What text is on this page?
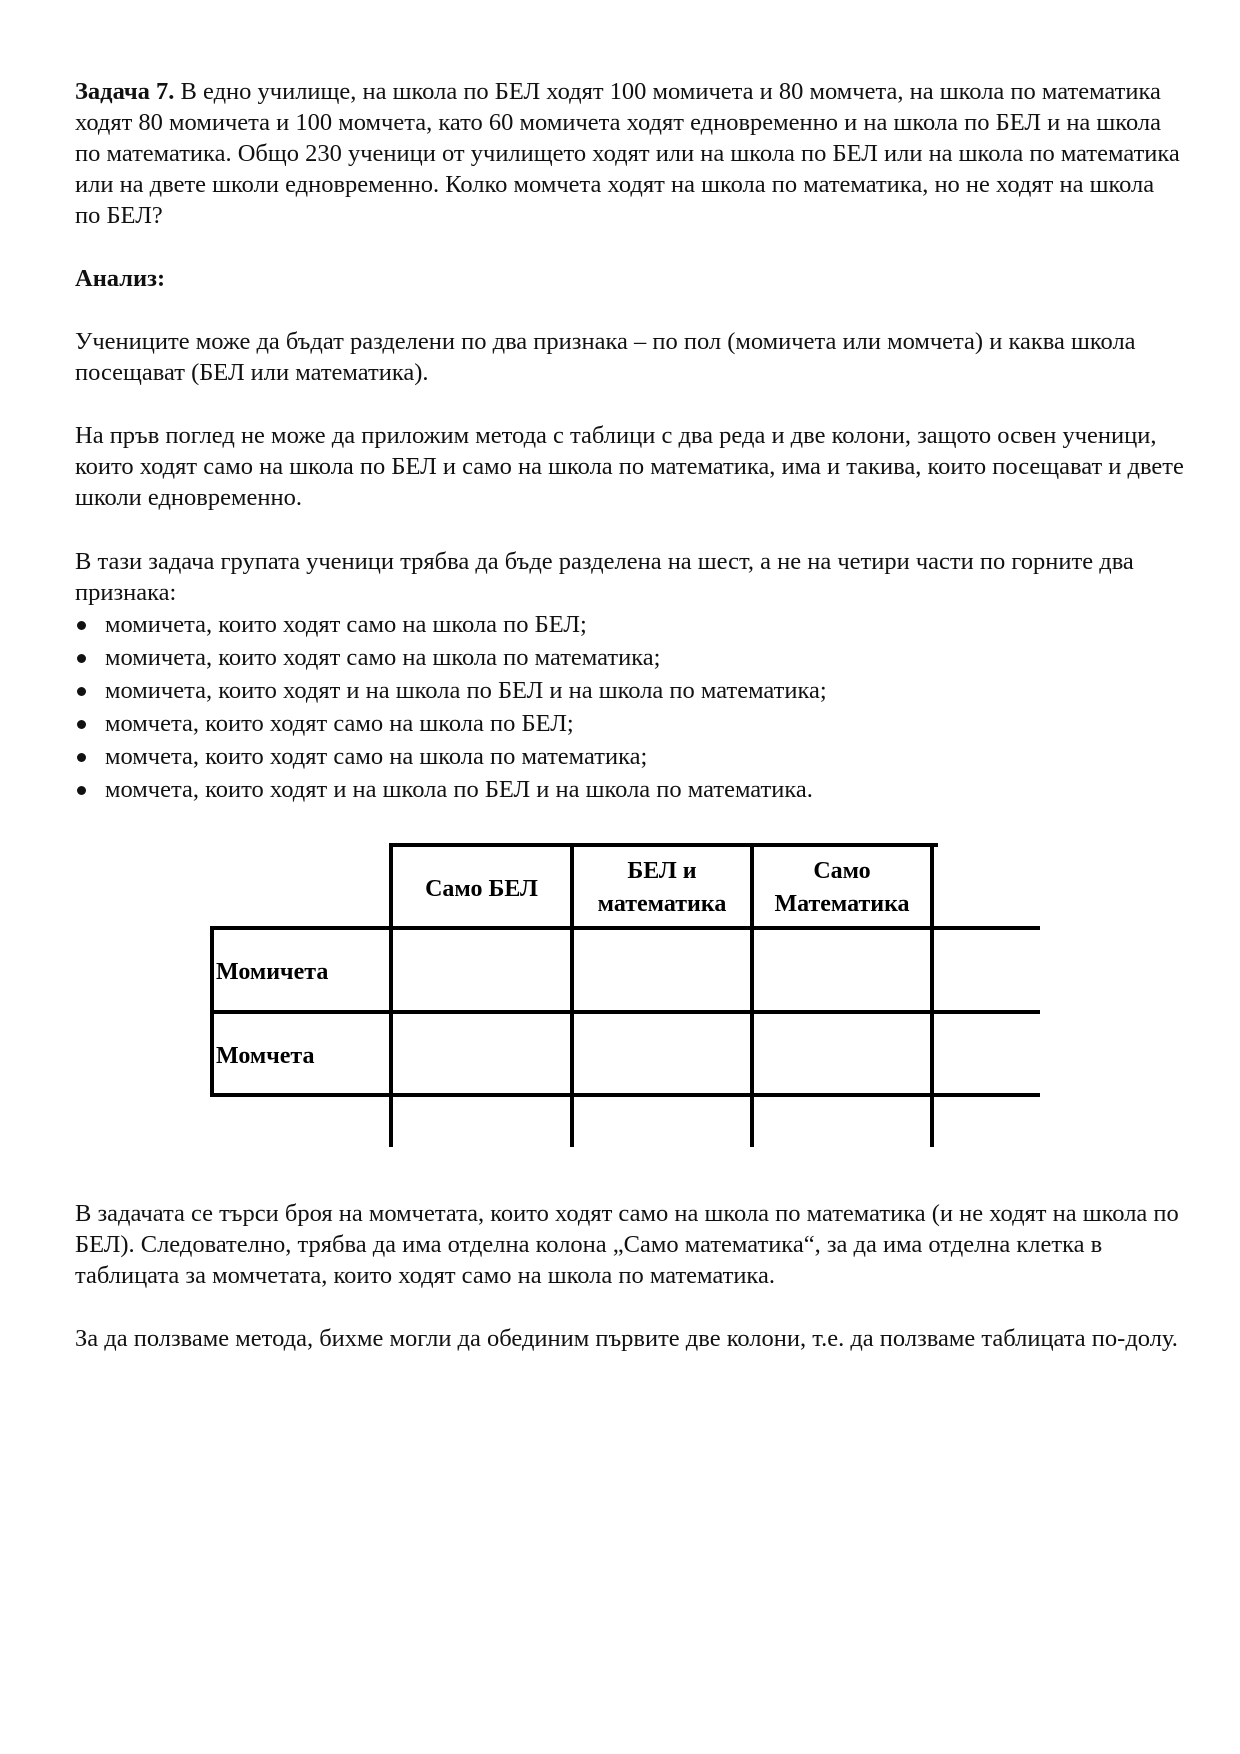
Задача 7. В едно училище, на школа по БЕЛ ходят 100 момичета и 80 момчета, на школа по математика ходят 80 момичета и 100 момчета, като 60 момичета ходят едновременно и на школа по БЕЛ и на школа по математика. Общо 230 ученици от училището ходят или на школа по БЕЛ или на школа по математика или на двете школи едновременно. Колко момчета ходят на школа по математика, но не ходят на школа по БЕЛ?

Анализ:

Учениците може да бъдат разделени по два признака – по пол (момичета или момчета) и каква школа посещават (БЕЛ или математика).

На пръв поглед не може да приложим метода с таблици с два реда и две колони, защото освен ученици, които ходят само на школа по БЕЛ и само на школа по математика, има и такива, които посещават и двете школи едновременно.

В тази задача групата ученици трябва да бъде разделена на шест, а не на четири части по горните два признака:

момичета, които ходят само на школа по БЕЛ;
момичета, които ходят само на школа по математика;
момичета, които ходят и на школа по БЕЛ и на школа по математика;
момчета, които ходят само на школа по БЕЛ;
момчета, които ходят само на школа по математика;
момчета, които ходят и на школа по БЕЛ и на школа по математика.
Само БЕЛ
БЕЛ и
математика
Само
Математика
Момичета
Момчета

В задачата се търси броя на момчетата, които ходят само на школа по математика (и не ходят на школа по БЕЛ). Следователно, трябва да има отделна колона „Само математика“, за да има отделна клетка в таблицата за момчетата, които ходят само на школа по математика.

За да ползваме метода, бихме могли да обединим първите две колони, т.е. да ползваме таблицата по-долу.
